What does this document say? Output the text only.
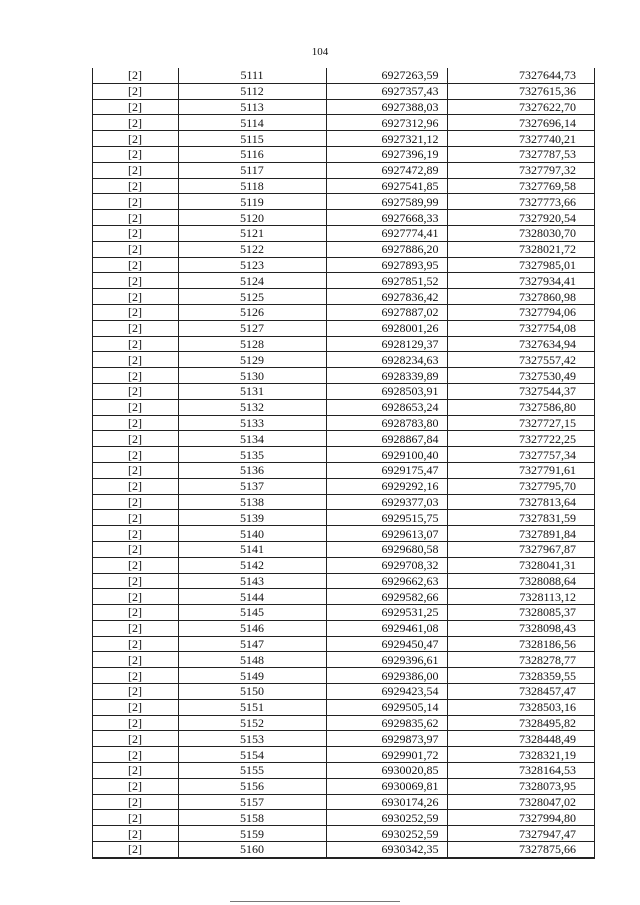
104
[2]	5111	6927263,59	7327644,73
[2]	5112	6927357,43	7327615,36
[2]	5113	6927388,03	7327622,70
[2]	5114	6927312,96	7327696,14
[2]	5115	6927321,12	7327740,21
[2]	5116	6927396,19	7327787,53
[2]	5117	6927472,89	7327797,32
[2]	5118	6927541,85	7327769,58
[2]	5119	6927589,99	7327773,66
[2]	5120	6927668,33	7327920,54
[2]	5121	6927774,41	7328030,70
[2]	5122	6927886,20	7328021,72
[2]	5123	6927893,95	7327985,01
[2]	5124	6927851,52	7327934,41
[2]	5125	6927836,42	7327860,98
[2]	5126	6927887,02	7327794,06
[2]	5127	6928001,26	7327754,08
[2]	5128	6928129,37	7327634,94
[2]	5129	6928234,63	7327557,42
[2]	5130	6928339,89	7327530,49
[2]	5131	6928503,91	7327544,37
[2]	5132	6928653,24	7327586,80
[2]	5133	6928783,80	7327727,15
[2]	5134	6928867,84	7327722,25
[2]	5135	6929100,40	7327757,34
[2]	5136	6929175,47	7327791,61
[2]	5137	6929292,16	7327795,70
[2]	5138	6929377,03	7327813,64
[2]	5139	6929515,75	7327831,59
[2]	5140	6929613,07	7327891,84
[2]	5141	6929680,58	7327967,87
[2]	5142	6929708,32	7328041,31
[2]	5143	6929662,63	7328088,64
[2]	5144	6929582,66	7328113,12
[2]	5145	6929531,25	7328085,37
[2]	5146	6929461,08	7328098,43
[2]	5147	6929450,47	7328186,56
[2]	5148	6929396,61	7328278,77
[2]	5149	6929386,00	7328359,55
[2]	5150	6929423,54	7328457,47
[2]	5151	6929505,14	7328503,16
[2]	5152	6929835,62	7328495,82
[2]	5153	6929873,97	7328448,49
[2]	5154	6929901,72	7328321,19
[2]	5155	6930020,85	7328164,53
[2]	5156	6930069,81	7328073,95
[2]	5157	6930174,26	7328047,02
[2]	5158	6930252,59	7327994,80
[2]	5159	6930252,59	7327947,47
[2]	5160	6930342,35	7327875,66
